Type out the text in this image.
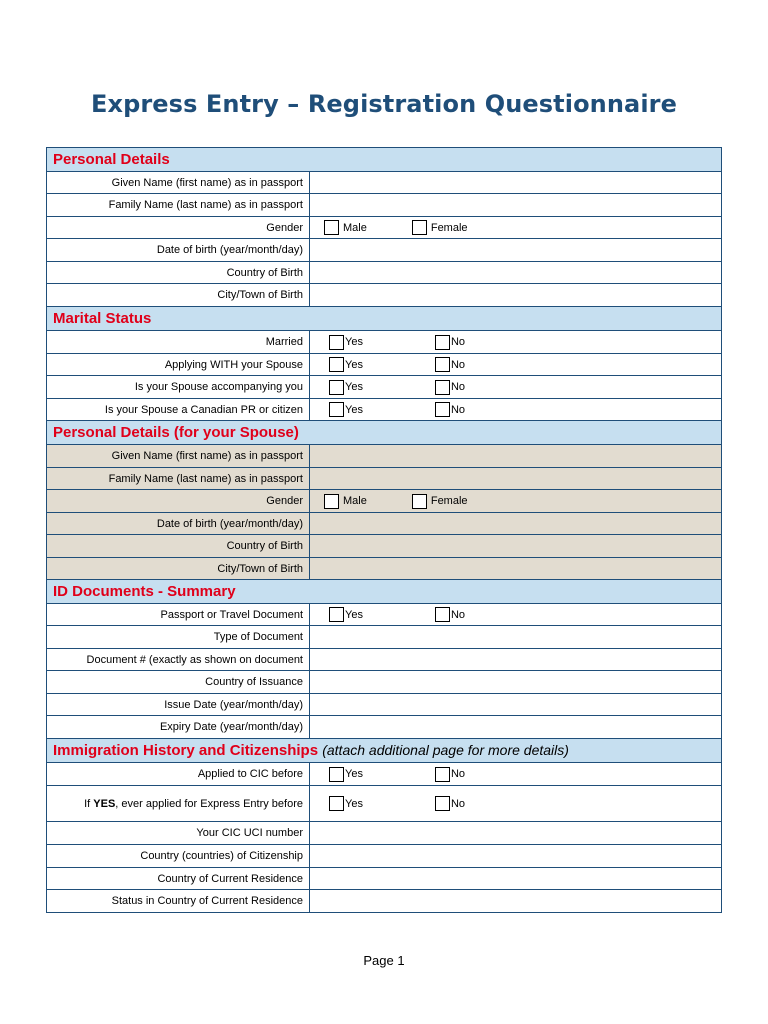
Express Entry – Registration Questionnaire
Personal Details	
Given Name (first name) as in passport	
Family Name (last name) as in passport	
Gender	Male Female

Date of birth (year/month/day)	
Country of Birth	
City/Town of Birth	
Marital Status	
Married	Yes No

Applying WITH your Spouse	Yes No

Is your Spouse accompanying you	Yes No

Is your Spouse a Canadian PR or citizen	Yes No

Personal Details (for your Spouse)	
Given Name (first name) as in passport	
Family Name (last name) as in passport	
Gender	Male Female

Date of birth (year/month/day)	
Country of Birth	
City/Town of Birth	
ID Documents - Summary	
Passport or Travel Document	Yes No

Type of Document	
Document # (exactly as shown on document	
Country of Issuance	
Issue Date (year/month/day)	
Expiry Date (year/month/day)	
Immigration History and Citizenships (attach additional page for more details)	
Applied to CIC before	Yes No

If YES, ever applied for Express Entry before	Yes No

Your CIC UCI number	
Country (countries) of Citizenship	
Country of Current Residence	
Status in Country of Current Residence	
Page 1
